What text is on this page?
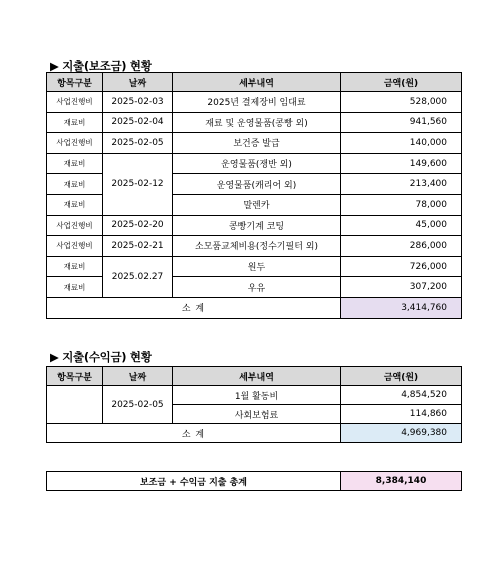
▶ 지출(보조금) 현황
항목구분	날짜	세부내역	금액(원)
사업진행비	2025-02-03	2025년 결제장비 임대료	528,000
재료비	2025-02-04	재료 및 운영물품(콩빵 외)	941,560
사업진행비	2025-02-05	보건증 발급	140,000
재료비	2025-02-12	운영물품(쟁반 외)	149,600
재료비		운영물품(캐리어 외)	213,400
재료비		말렌카	78,000
사업진행비	2025-02-20	콩빵기계 코팅	45,000
사업진행비	2025-02-21	소모품교체비용(정수기필터 외)	286,000
재료비	2025.02.27	원두	726,000
재료비		우유	307,200
소 계			3,414,760
▶ 지출(수익금) 현황
항목구분	날짜	세부내역	금액(원)
	2025-02-05	1월 활동비	4,854,520
		사회보험료	114,860
소 계			4,969,380
보조금 + 수익금 지출 총계	8,384,140
